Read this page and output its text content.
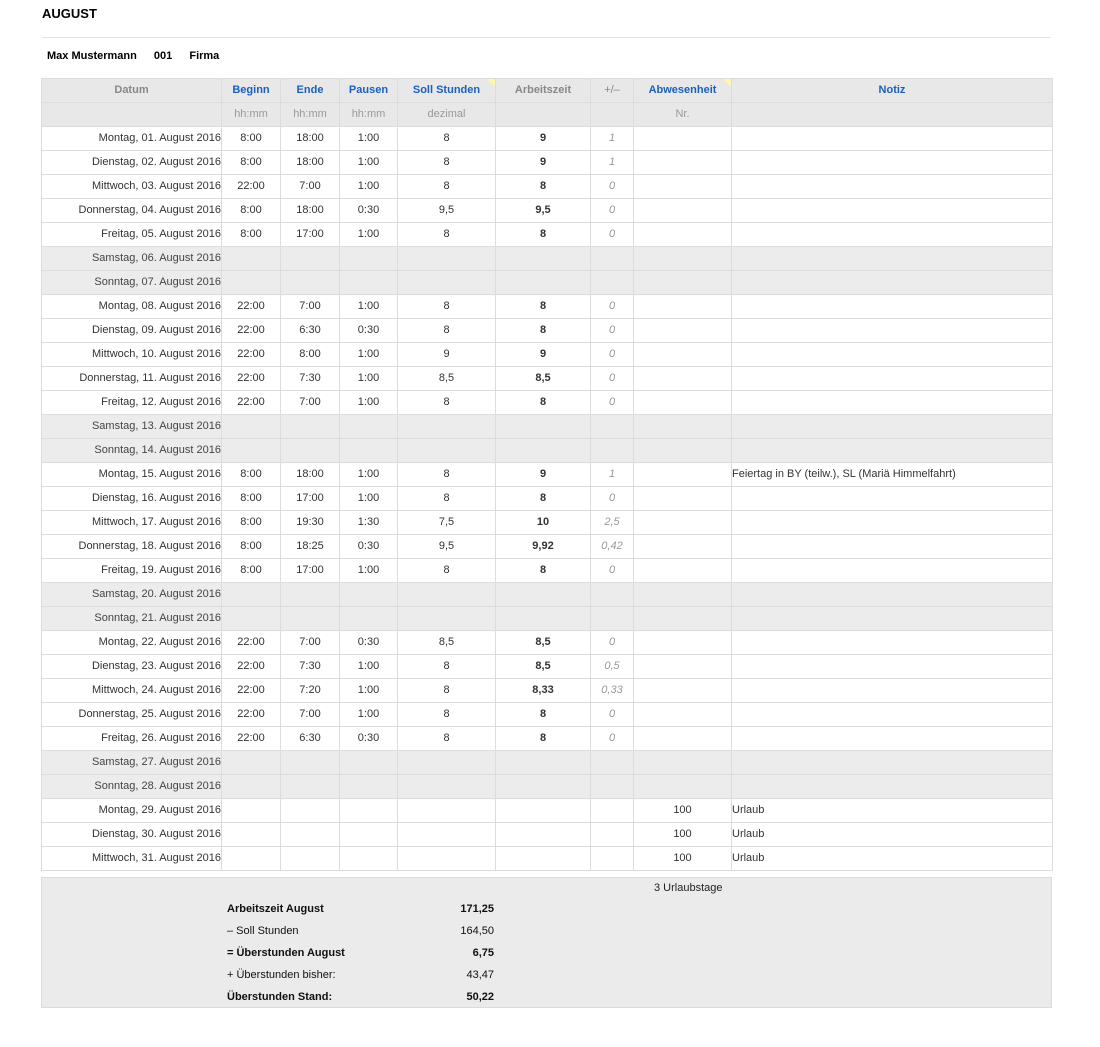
AUGUST
Max Mustermann 001 Firma
Datum	Beginn	Ende	Pausen	Soll Stunden	Arbeitszeit	+/–	Abwesenheit	Notiz
	hh:mm	hh:mm	hh:mm	dezimal			Nr.	
Montag, 01. August 2016	8:00	18:00	1:00	8	9	1		
Dienstag, 02. August 2016	8:00	18:00	1:00	8	9	1		
Mittwoch, 03. August 2016	22:00	7:00	1:00	8	8	0		
Donnerstag, 04. August 2016	8:00	18:00	0:30	9,5	9,5	0		
Freitag, 05. August 2016	8:00	17:00	1:00	8	8	0		
Samstag, 06. August 2016								
Sonntag, 07. August 2016								
Montag, 08. August 2016	22:00	7:00	1:00	8	8	0		
Dienstag, 09. August 2016	22:00	6:30	0:30	8	8	0		
Mittwoch, 10. August 2016	22:00	8:00	1:00	9	9	0		
Donnerstag, 11. August 2016	22:00	7:30	1:00	8,5	8,5	0		
Freitag, 12. August 2016	22:00	7:00	1:00	8	8	0		
Samstag, 13. August 2016								
Sonntag, 14. August 2016								
Montag, 15. August 2016	8:00	18:00	1:00	8	9	1		Feiertag in BY (teilw.), SL (Mariä Himmelfahrt)
Dienstag, 16. August 2016	8:00	17:00	1:00	8	8	0		
Mittwoch, 17. August 2016	8:00	19:30	1:30	7,5	10	2,5		
Donnerstag, 18. August 2016	8:00	18:25	0:30	9,5	9,92	0,42		
Freitag, 19. August 2016	8:00	17:00	1:00	8	8	0		
Samstag, 20. August 2016								
Sonntag, 21. August 2016								
Montag, 22. August 2016	22:00	7:00	0:30	8,5	8,5	0		
Dienstag, 23. August 2016	22:00	7:30	1:00	8	8,5	0,5		
Mittwoch, 24. August 2016	22:00	7:20	1:00	8	8,33	0,33		
Donnerstag, 25. August 2016	22:00	7:00	1:00	8	8	0		
Freitag, 26. August 2016	22:00	6:30	0:30	8	8	0		
Samstag, 27. August 2016								
Sonntag, 28. August 2016								
Montag, 29. August 2016							100	Urlaub
Dienstag, 30. August 2016							100	Urlaub
Mittwoch, 31. August 2016							100	Urlaub
3 Urlaubstage
Arbeitszeit August	171,25
– Soll Stunden	164,50
= Überstunden August	6,75
+ Überstunden bisher:	43,47
Überstunden Stand:	50,22
